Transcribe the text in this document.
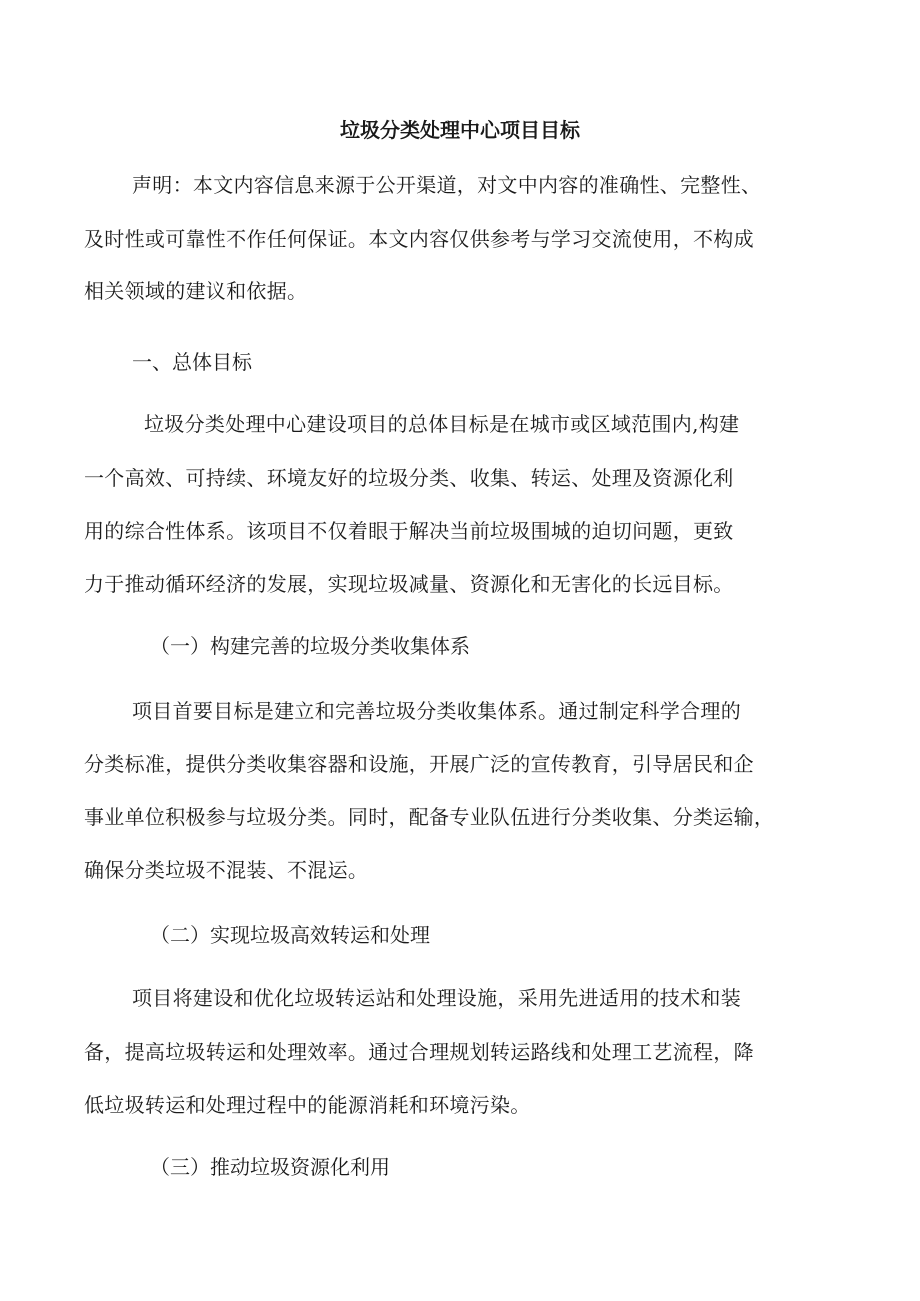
垃圾分类处理中心项目目标
声明：本文内容信息来源于公开渠道，对文中内容的准确性、完整性、
及时性或可靠性不作任何保证。本文内容仅供参考与学习交流使用，不构成
相关领域的建议和依据。
一、总体目标
垃圾分类处理中心建设项目的总体目标是在城市或区域范围内,构建
一个高效、可持续、环境友好的垃圾分类、收集、转运、处理及资源化利
用的综合性体系。该项目不仅着眼于解决当前垃圾围城的迫切问题，更致
力于推动循环经济的发展，实现垃圾减量、资源化和无害化的长远目标。
（一）构建完善的垃圾分类收集体系
项目首要目标是建立和完善垃圾分类收集体系。通过制定科学合理的
分类标准，提供分类收集容器和设施，开展广泛的宣传教育，引导居民和企
事业单位积极参与垃圾分类。同时，配备专业队伍进行分类收集、分类运输，
确保分类垃圾不混装、不混运。
（二）实现垃圾高效转运和处理
项目将建设和优化垃圾转运站和处理设施，采用先进适用的技术和装
备，提高垃圾转运和处理效率。通过合理规划转运路线和处理工艺流程，降
低垃圾转运和处理过程中的能源消耗和环境污染。
（三）推动垃圾资源化利用
